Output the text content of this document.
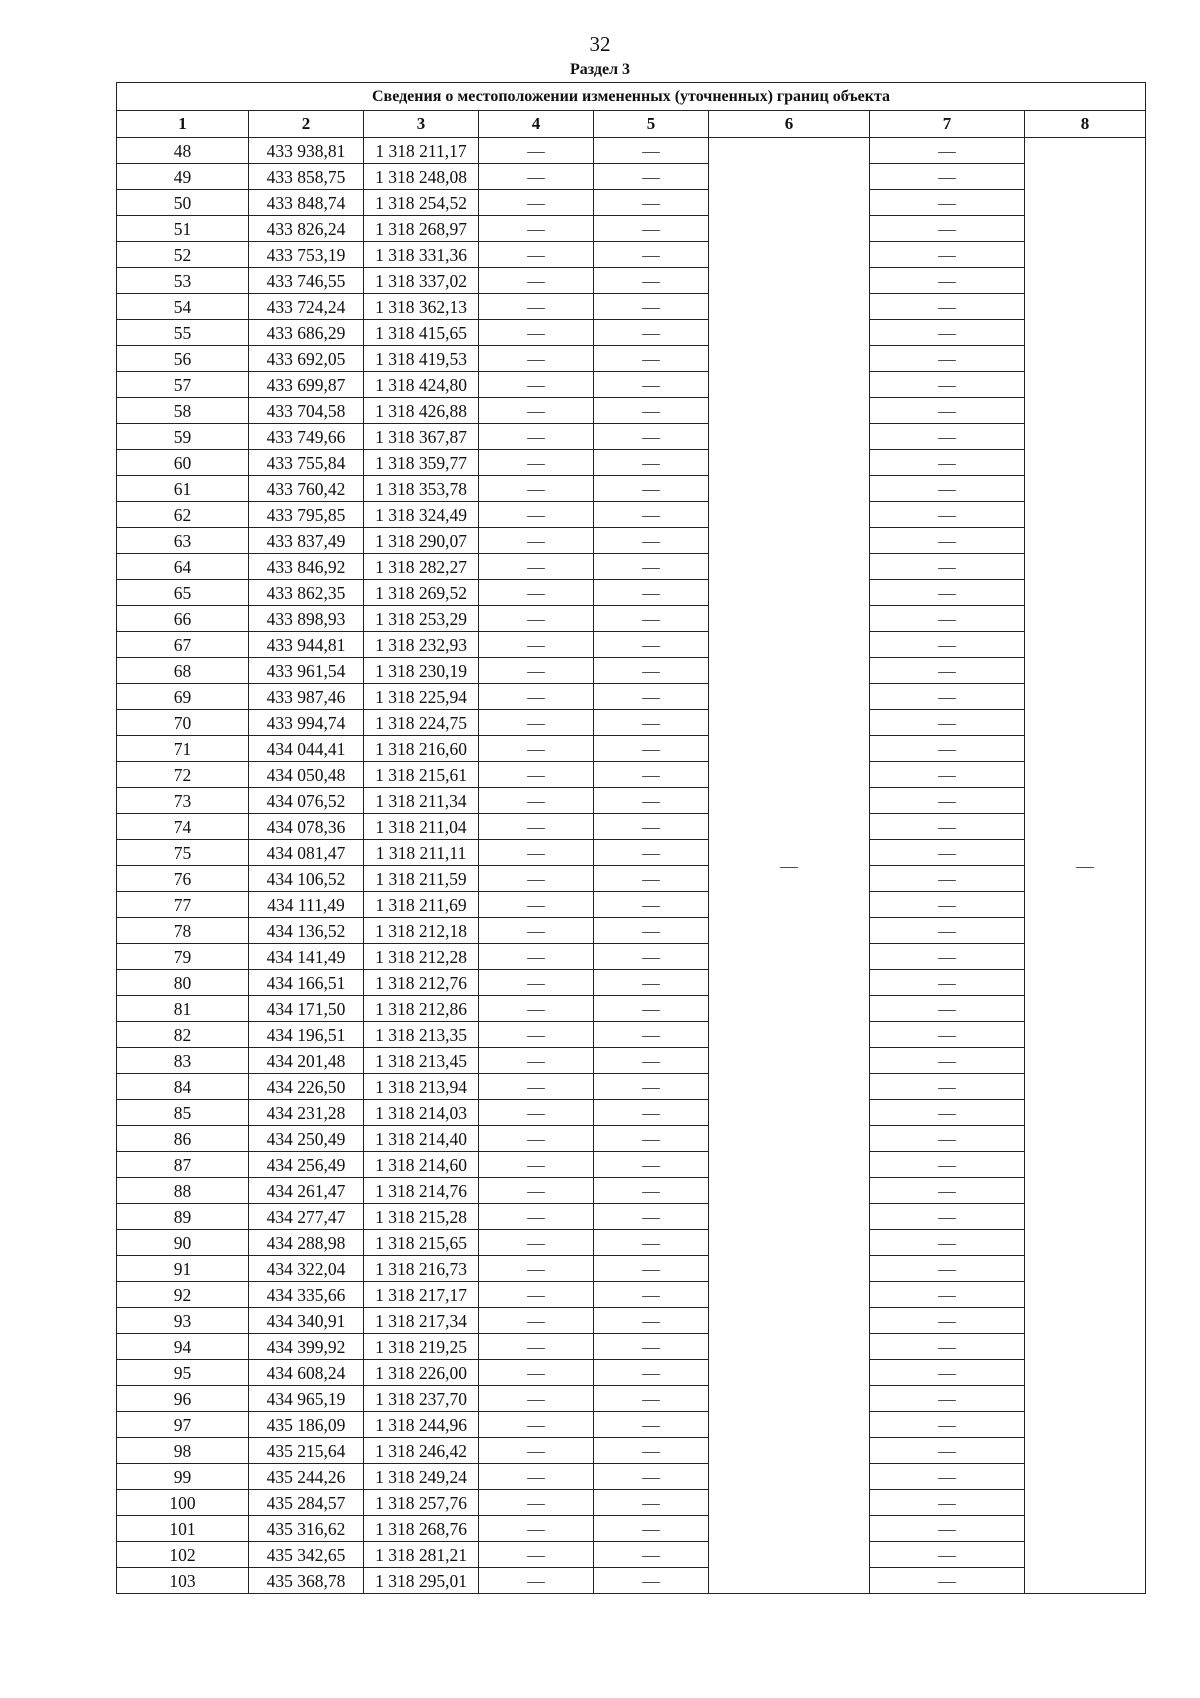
32
Раздел 3
Сведения о местоположении измененных (уточненных) границ объекта							
1	2	3	4	5	6	7	8
48	433 938,81	1 318 211,17	—	—	—	—	—
49	433 858,75	1 318 248,08	—	—		—	
50	433 848,74	1 318 254,52	—	—		—	
51	433 826,24	1 318 268,97	—	—		—	
52	433 753,19	1 318 331,36	—	—		—	
53	433 746,55	1 318 337,02	—	—		—	
54	433 724,24	1 318 362,13	—	—		—	
55	433 686,29	1 318 415,65	—	—		—	
56	433 692,05	1 318 419,53	—	—		—	
57	433 699,87	1 318 424,80	—	—		—	
58	433 704,58	1 318 426,88	—	—		—	
59	433 749,66	1 318 367,87	—	—		—	
60	433 755,84	1 318 359,77	—	—		—	
61	433 760,42	1 318 353,78	—	—		—	
62	433 795,85	1 318 324,49	—	—		—	
63	433 837,49	1 318 290,07	—	—		—	
64	433 846,92	1 318 282,27	—	—		—	
65	433 862,35	1 318 269,52	—	—		—	
66	433 898,93	1 318 253,29	—	—		—	
67	433 944,81	1 318 232,93	—	—		—	
68	433 961,54	1 318 230,19	—	—		—	
69	433 987,46	1 318 225,94	—	—		—	
70	433 994,74	1 318 224,75	—	—		—	
71	434 044,41	1 318 216,60	—	—		—	
72	434 050,48	1 318 215,61	—	—		—	
73	434 076,52	1 318 211,34	—	—		—	
74	434 078,36	1 318 211,04	—	—		—	
75	434 081,47	1 318 211,11	—	—		—	
76	434 106,52	1 318 211,59	—	—		—	
77	434 111,49	1 318 211,69	—	—		—	
78	434 136,52	1 318 212,18	—	—		—	
79	434 141,49	1 318 212,28	—	—		—	
80	434 166,51	1 318 212,76	—	—		—	
81	434 171,50	1 318 212,86	—	—		—	
82	434 196,51	1 318 213,35	—	—		—	
83	434 201,48	1 318 213,45	—	—		—	
84	434 226,50	1 318 213,94	—	—		—	
85	434 231,28	1 318 214,03	—	—		—	
86	434 250,49	1 318 214,40	—	—		—	
87	434 256,49	1 318 214,60	—	—		—	
88	434 261,47	1 318 214,76	—	—		—	
89	434 277,47	1 318 215,28	—	—		—	
90	434 288,98	1 318 215,65	—	—		—	
91	434 322,04	1 318 216,73	—	—		—	
92	434 335,66	1 318 217,17	—	—		—	
93	434 340,91	1 318 217,34	—	—		—	
94	434 399,92	1 318 219,25	—	—		—	
95	434 608,24	1 318 226,00	—	—		—	
96	434 965,19	1 318 237,70	—	—		—	
97	435 186,09	1 318 244,96	—	—		—	
98	435 215,64	1 318 246,42	—	—		—	
99	435 244,26	1 318 249,24	—	—		—	
100	435 284,57	1 318 257,76	—	—		—	
101	435 316,62	1 318 268,76	—	—		—	
102	435 342,65	1 318 281,21	—	—		—	
103	435 368,78	1 318 295,01	—	—		—	
